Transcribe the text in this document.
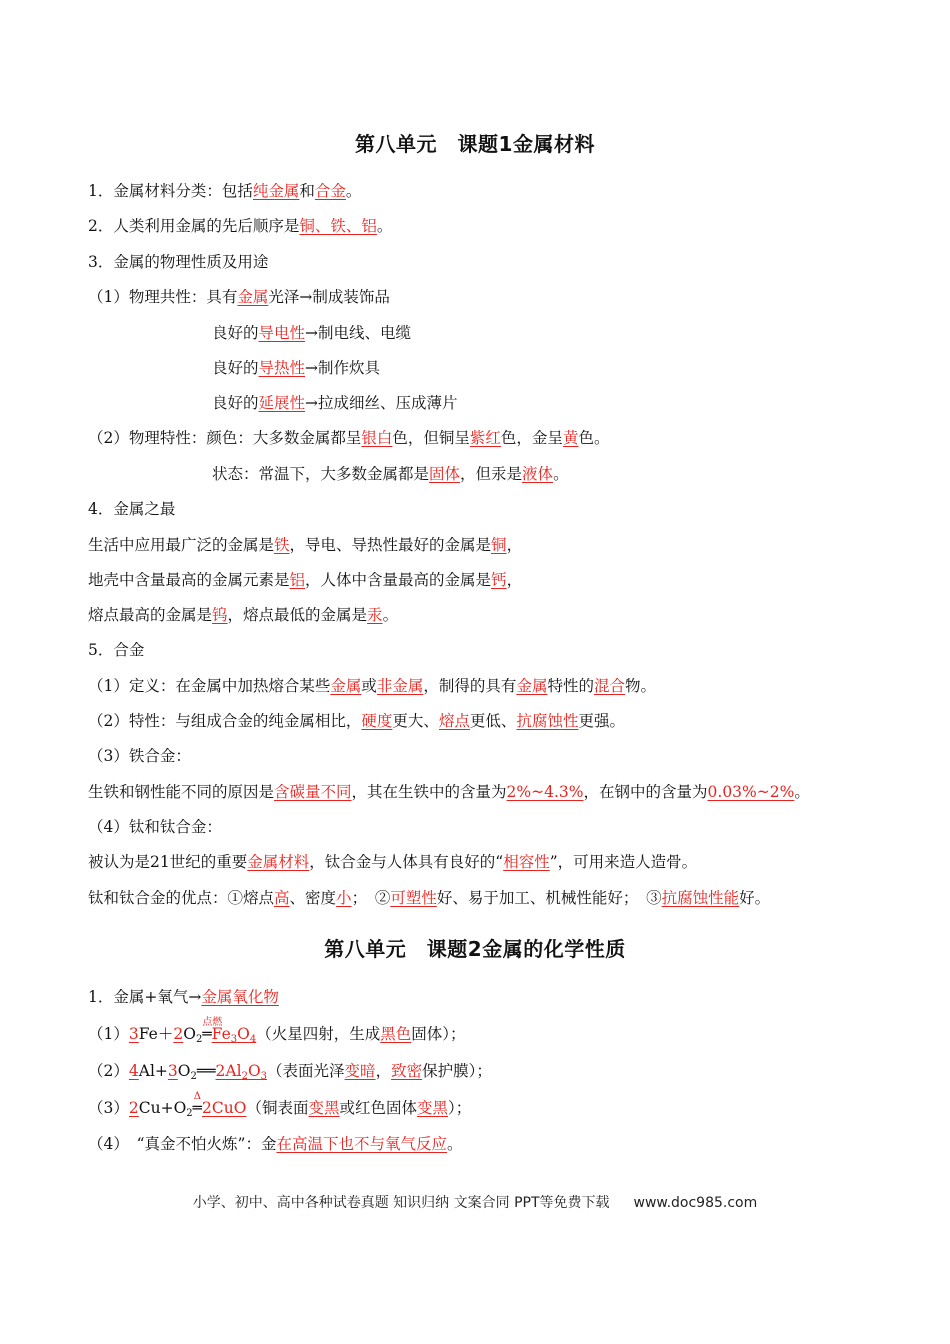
第八单元　课题1金属材料
1．金属材料分类：包括纯金属和合金。
2．人类利用金属的先后顺序是铜、铁、铝。
3．金属的物理性质及用途
（1）物理共性：具有金属光泽→制成装饰品
良好的导电性→制电线、电缆
良好的导热性→制作炊具
良好的延展性→拉成细丝、压成薄片
（2）物理特性：颜色：大多数金属都呈银白色，但铜呈紫红色，金呈黄色。
状态：常温下，大多数金属都是固体，但汞是液体。
4．金属之最
生活中应用最广泛的金属是铁，导电、导热性最好的金属是铜，
地壳中含量最高的金属元素是铝，人体中含量最高的金属是钙，
熔点最高的金属是钨，熔点最低的金属是汞。
5．合金
（1）定义：在金属中加热熔合某些金属或非金属，制得的具有金属特性的混合物。
（2）特性：与组成合金的纯金属相比，硬度更大、熔点更低、抗腐蚀性更强。
（3）铁合金：
生铁和钢性能不同的原因是含碳量不同，其在生铁中的含量为2%~4.3%，在钢中的含量为0.03%~2%。
（4）钛和钛合金：
被认为是21世纪的重要金属材料，钛合金与人体具有良好的“相容性”，可用来造人造骨。
钛和钛合金的优点：①熔点高、密度小；　②可塑性好、易于加工、机械性能好；　③抗腐蚀性能好。
第八单元　课题2金属的化学性质
1．金属+氧气→金属氧化物
$(1)3Fe+2O_2$
点燃
$═Fe_3O_4$（火星四射，生成黑色固体）；
$(2)4Al+3O_2══2Al_2O_3$（表面光泽变暗，致密保护膜）；
$(3)2Cu+O_2$
Δ
═2CuO（铜表面变黑或红色固体变黑）；
（4）　“真金不怕火炼”：金在高温下也不与氧气反应。
小学、初中、高中各种试卷真题 知识归纳 文案合同 PPT等免费下载 www.doc985.com
